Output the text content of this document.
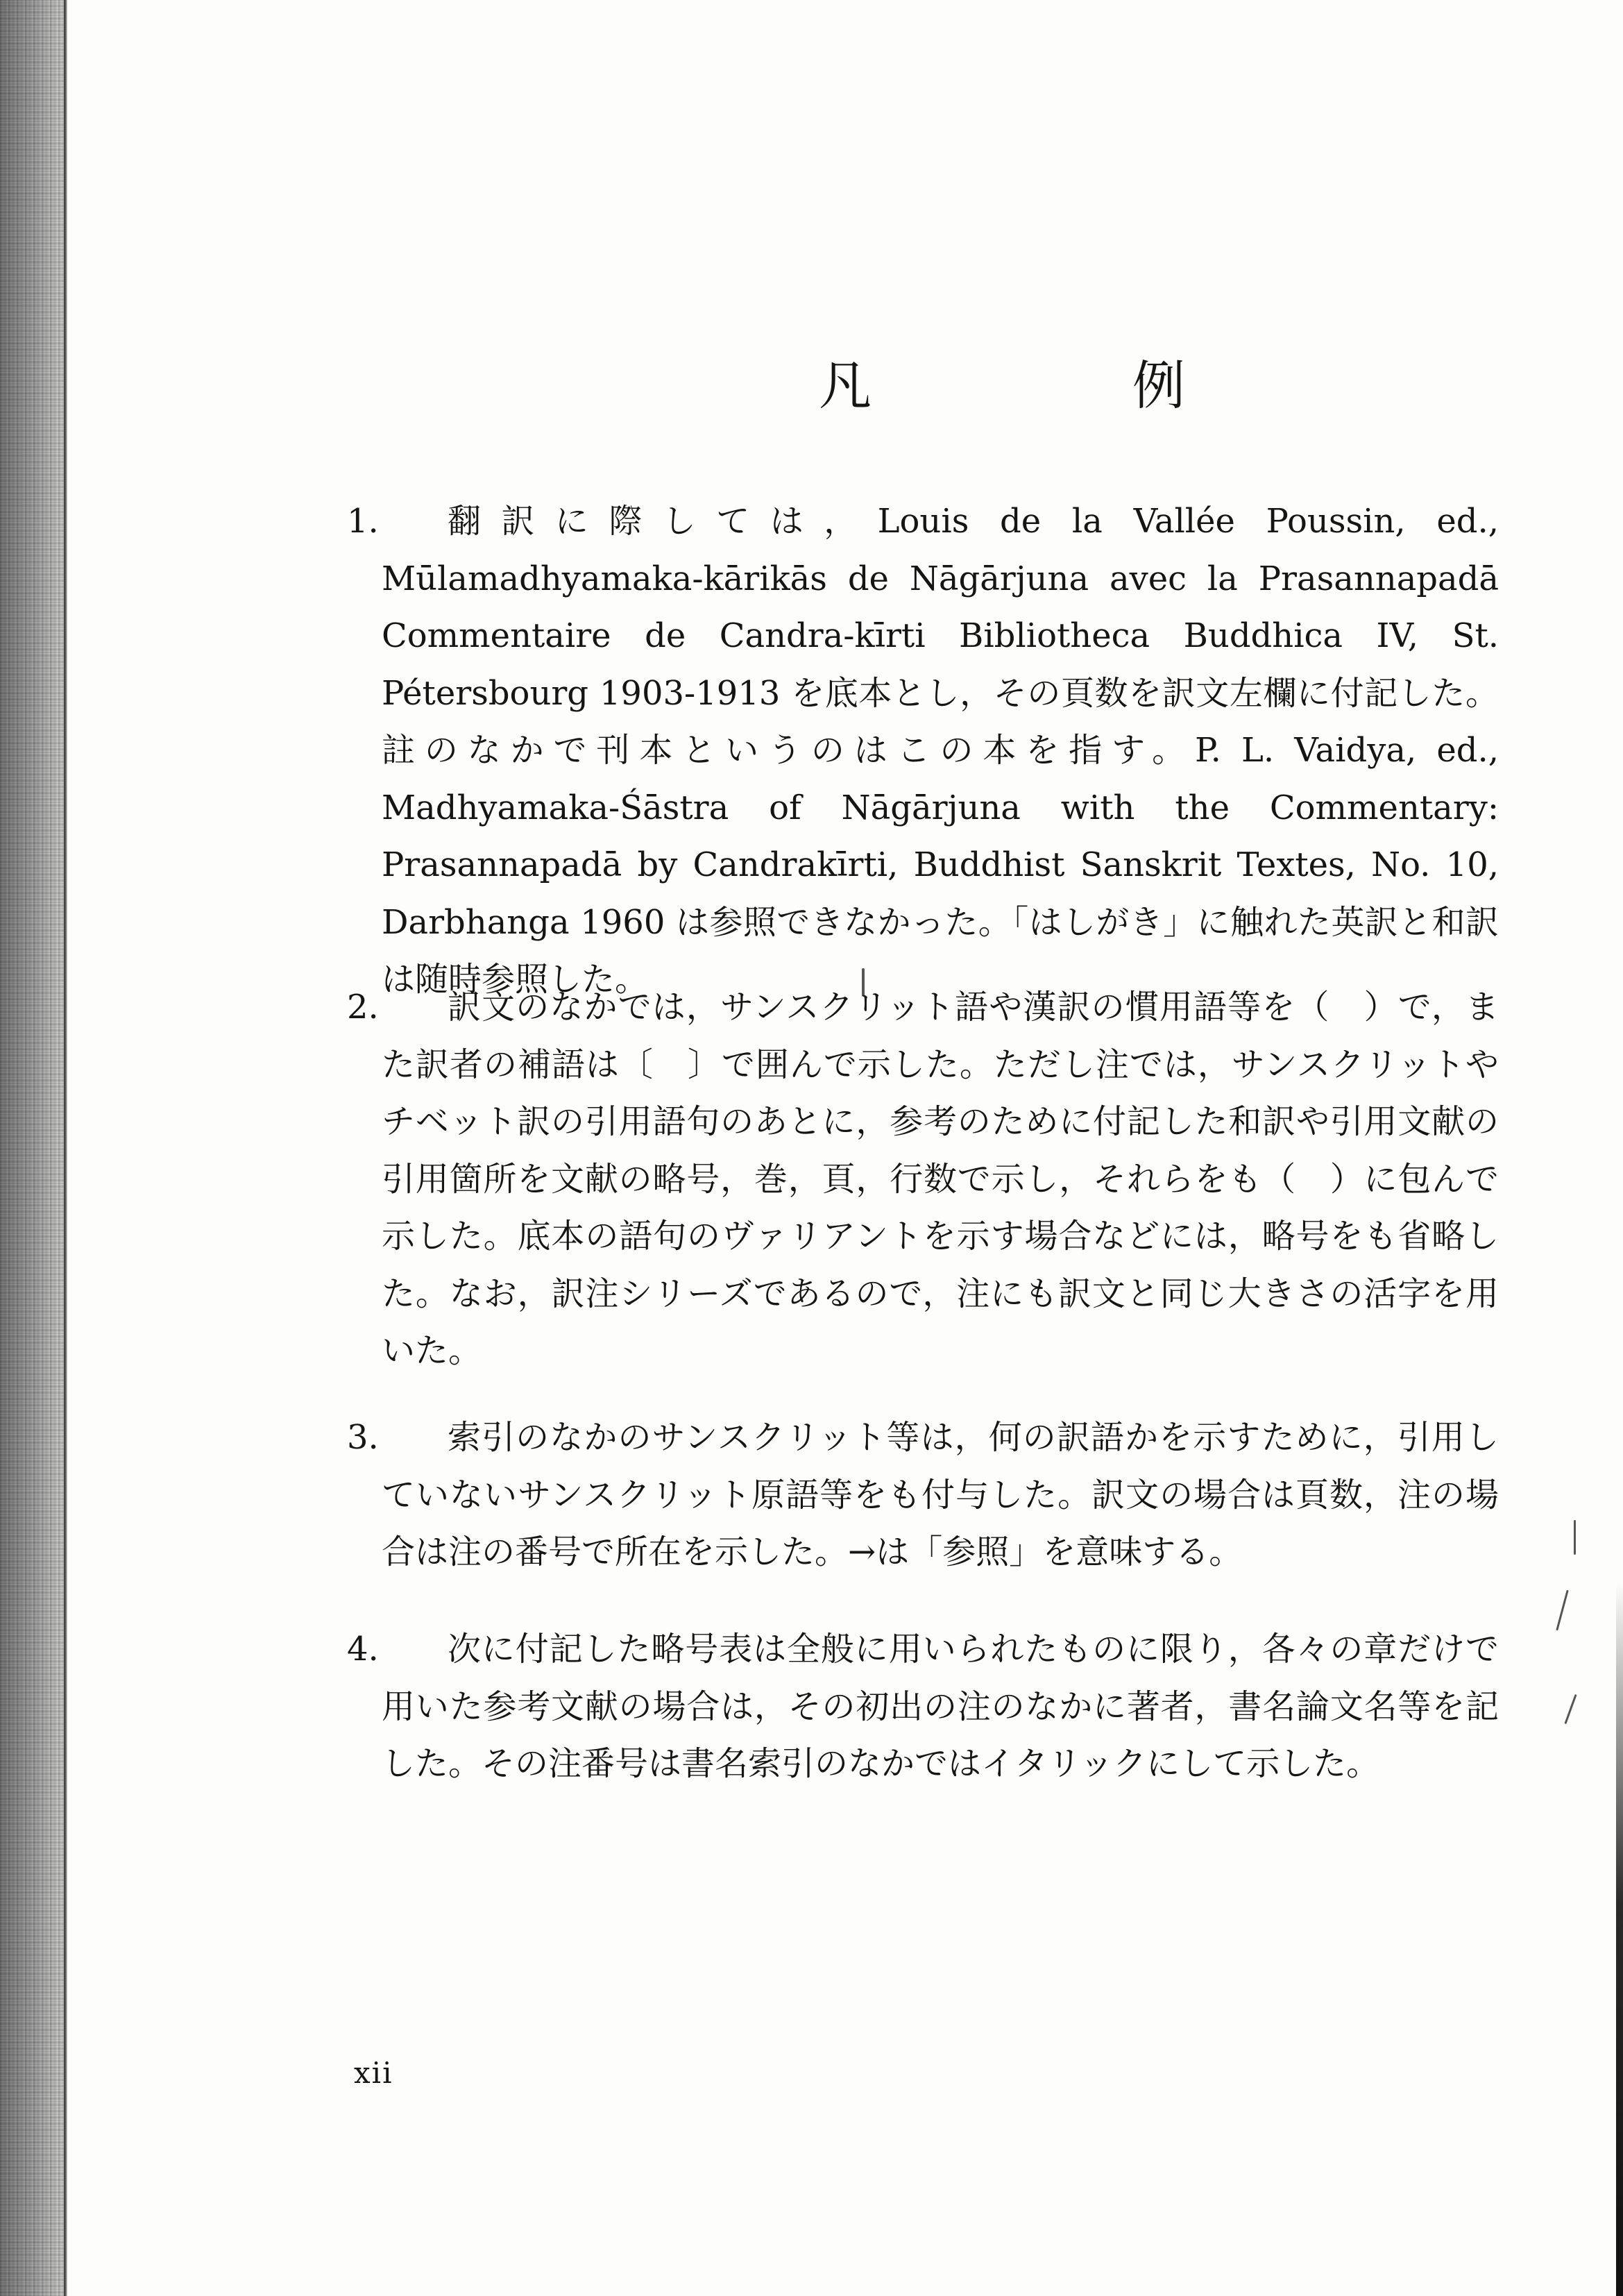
凡　例
1.	翻訳に際しては，Louis de la Vallée Poussin, ed., Mūlamadhyamaka-kārikās de Nāgārjuna avec la Prasannapadā Commentaire de Candra-kīrti Bibliotheca Buddhica IV, St. Pétersbourg 1903-1913 を底本とし，その頁数を訳文左欄に付記した。註のなかで刊本というのはこの本を指す。P. L. Vaidya, ed., Madhyamaka-Śāstra of Nāgārjuna with the Commentary: Prasannapadā by Candrakīrti, Buddhist Sanskrit Textes, No. 10, Darbhanga 1960 は参照できなかった。「はしがき」に触れた英訳と和訳は随時参照した。

2.	訳文のなかでは，サンスクリット語や漢訳の慣用語等を（　）で，また訳者の補語は〔　〕で囲んで示した。ただし注では，サンスクリットやチベット訳の引用語句のあとに，参考のために付記した和訳や引用文献の引用箇所を文献の略号，巻，頁，行数で示し，それらをも（　）に包んで示した。底本の語句のヴァリアントを示す場合などには，略号をも省略した。なお，訳注シリーズであるので，注にも訳文と同じ大きさの活字を用いた。

3.	索引のなかのサンスクリット等は，何の訳語かを示すために，引用していないサンスクリット原語等をも付与した。訳文の場合は頁数，注の場合は注の番号で所在を示した。→は「参照」を意味する。

4.	次に付記した略号表は全般に用いられたものに限り，各々の章だけで用いた参考文献の場合は，その初出の注のなかに著者，書名論文名等を記した。その注番号は書名索引のなかではイタリックにして示した。

xii
